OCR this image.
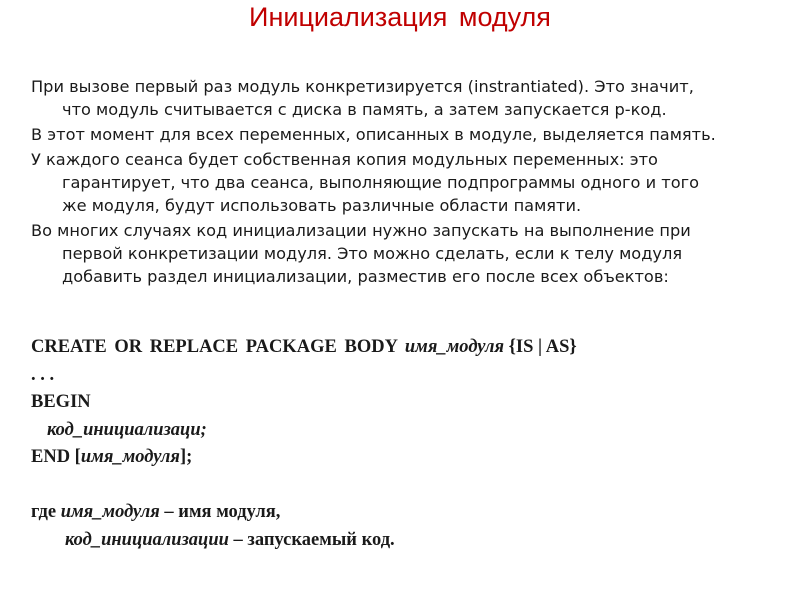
Инициализация модуля

При вызове первый раз модуль конкретизируется (instrantiated). Это значит,
что модуль считывается с диска в память, а затем запускается p-код.

В этот момент для всех переменных, описанных в модуле, выделяется память.

У каждого сеанса будет собственная копия модульных переменных: это
гарантирует, что два сеанса, выполняющие подпрограммы одного и того
же модуля, будут использовать различные области памяти.

Во многих случаях код инициализации нужно запускать на выполнение при
первой конкретизации модуля. Это можно сделать, если к телу модуля
добавить раздел инициализации, разместив его после всех объектов:

CREATE OR REPLACE PACKAGE BODY имя_модуля {IS | AS}
. . .
BEGIN
код_инициализаци;
END [имя_модуля];
где имя_модуля – имя модуля,
код_инициализации – запускаемый код.
